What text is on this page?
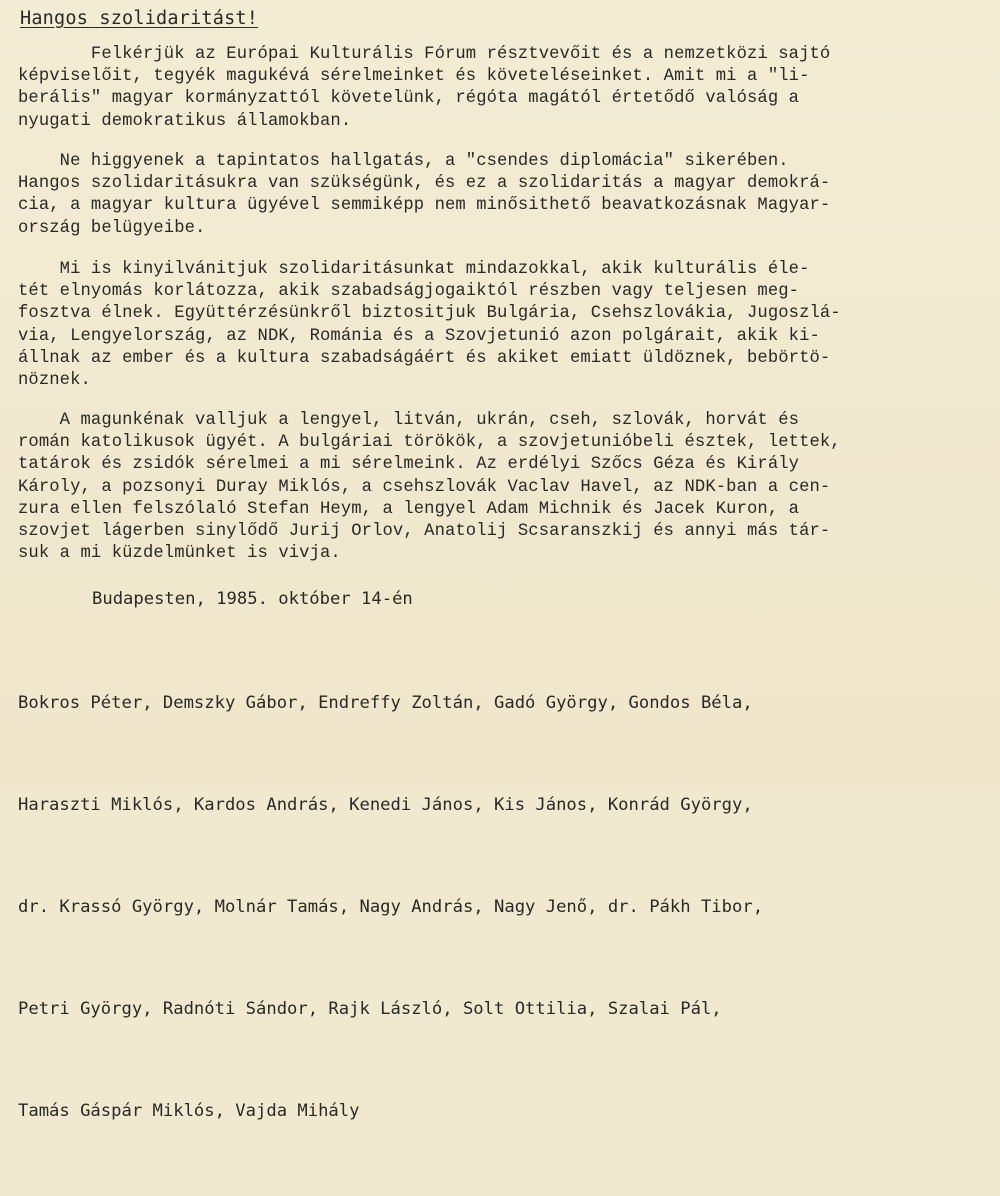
Hangos szolidaritást!
Felkérjük az Európai Kulturális Fórum résztvevőit és a nemzetközi sajtó
képviselőit, tegyék magukévá sérelmeinket és követeléseinket. Amit mi a "li-
berális" magyar kormányzattól követelünk, régóta magától értetődő valóság a
nyugati demokratikus államokban.
Ne higgyenek a tapintatos hallgatás, a "csendes diplomácia" sikerében.
Hangos szolidaritásukra van szükségünk, és ez a szolidaritás a magyar demokrá-
cia, a magyar kultura ügyével semmiképp nem minősithető beavatkozásnak Magyar-
ország belügyeibe.
Mi is kinyilvánitjuk szolidaritásunkat mindazokkal, akik kulturális éle-
tét elnyomás korlátozza, akik szabadságjogaiktól részben vagy teljesen meg-
fosztva élnek. Együttérzésünkről biztositjuk Bulgária, Csehszlovákia, Jugoszlá-
via, Lengyelország, az NDK, Románia és a Szovjetunió azon polgárait, akik ki-
állnak az ember és a kultura szabadságáért és akiket emiatt üldöznek, bebörtö-
nöznek.
A magunkénak valljuk a lengyel, litván, ukrán, cseh, szlovák, horvát és
román katolikusok ügyét. A bulgáriai törökök, a szovjetunióbeli észtek, lettek,
tatárok és zsidók sérelmei a mi sérelmeink. Az erdélyi Szőcs Géza és Király
Károly, a pozsonyi Duray Miklós, a csehszlovák Vaclav Havel, az NDK-ban a cen-
zura ellen felszólaló Stefan Heym, a lengyel Adam Michnik és Jacek Kuron, a
szovjet lágerben sinylődő Jurij Orlov, Anatolij Scsaranszkij és annyi más tár-
suk a mi küzdelmünket is vivja.
Budapesten, 1985. október 14-én

Bokros Péter, Demszky Gábor, Endreffy Zoltán, Gadó György, Gondos Béla,

Haraszti Miklós, Kardos András, Kenedi János, Kis János, Konrád György,

dr. Krassó György, Molnár Tamás, Nagy András, Nagy Jenő, dr. Pákh Tibor,

Petri György, Radnóti Sándor, Rajk László, Solt Ottilia, Szalai Pál,

Tamás Gáspár Miklós, Vajda Mihály
